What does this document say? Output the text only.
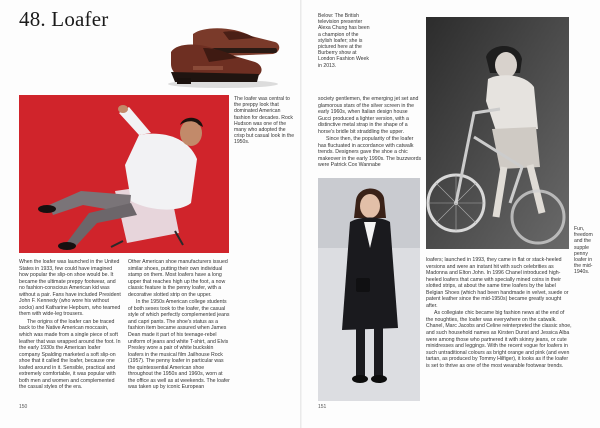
48. Loafer

The loafer was central to the preppy look that dominated American fashion for decades. Rock Hudson was one of the many who adopted the crisp but casual look in the 1950s.

When the loafer was launched in the United States in 1933, few could have imagined how popular the slip-on shoe would be. It became the ultimate preppy footwear, and no fashion-conscious American kid was without a pair. Fans have included President John F. Kennedy (who wore his without socks) and Katharine Hepburn, who teamed them with wide-leg trousers.

The origins of the loafer can be traced back to the Native American moccasin, which was made from a single piece of soft leather that was wrapped around the foot. In the early 1930s the American loafer company Spalding marketed a soft slip-on shoe that it called the loafer, because one loafed around in it. Sensible, practical and extremely comfortable, it was popular with both men and women and complemented the casual styles of the era.

Other American shoe manufacturers issued similar shoes, putting their own individual stamp on them. Most loafers have a long upper that reaches high up the foot, a now classic feature is the penny loafer, with a decorative slotted strip on the upper.

In the 1950s American college students of both sexes took to the loafer, the casual style of which perfectly complemented jeans and capri pants. The shoe's status as a fashion item became assured when James Dean made it part of his teenage-rebel uniform of jeans and white T-shirt, and Elvis Presley wore a pair of white buckskin loafers in the musical film Jailhouse Rock (1957). The penny loafer in particular was the quintessential American shoe throughout the 1950s and 1960s, worn at the office as well as at weekends. The loafer was taken up by iconic European

150

Below: The British television presenter Alexa Chung has been a champion of the stylish loafer; she is pictured here at the Burberry show at London Fashion Week in 2013.

society gentlemen, the emerging jet set and glamorous stars of the silver screen in the early 1960s, when Italian design house Gucci produced a lighter version, with a distinctive metal strap in the shape of a horse's bridle bit straddling the upper.

Since then, the popularity of the loafer has fluctuated in accordance with catwalk trends. Designers gave the shoe a chic makeover in the early 1990s. The buzzwords were Patrick Cox Wannabe

loafers; launched in 1993, they came in flat or stack-heeled versions and were an instant hit with such celebrities as Madonna and Elton John. In 1996 Chanel introduced high-heeled loafers that came with specially mined coins in their slotted strips, at about the same time loafers by the label Belgian Shoes (which had been handmade in velvet, suede or patent leather since the mid-1950s) became greatly sought after.

As collegiate chic became big fashion news at the end of the noughties, the loafer was everywhere on the catwalk. Chanel, Marc Jacobs and Celine reinterpreted the classic shoe, and such household names as Kirsten Dunst and Jessica Alba were among those who partnered it with skinny jeans, or cute minidresses and leggings. With the recent vogue for loafers in such untraditional colours as bright orange and pink (and even tartan, as produced by Tommy Hilfiger), it looks as if the loafer is set to thrive as one of the most wearable footwear trends.

Fun, freedom and the supple penny loafer in the mid-1940s.

151
